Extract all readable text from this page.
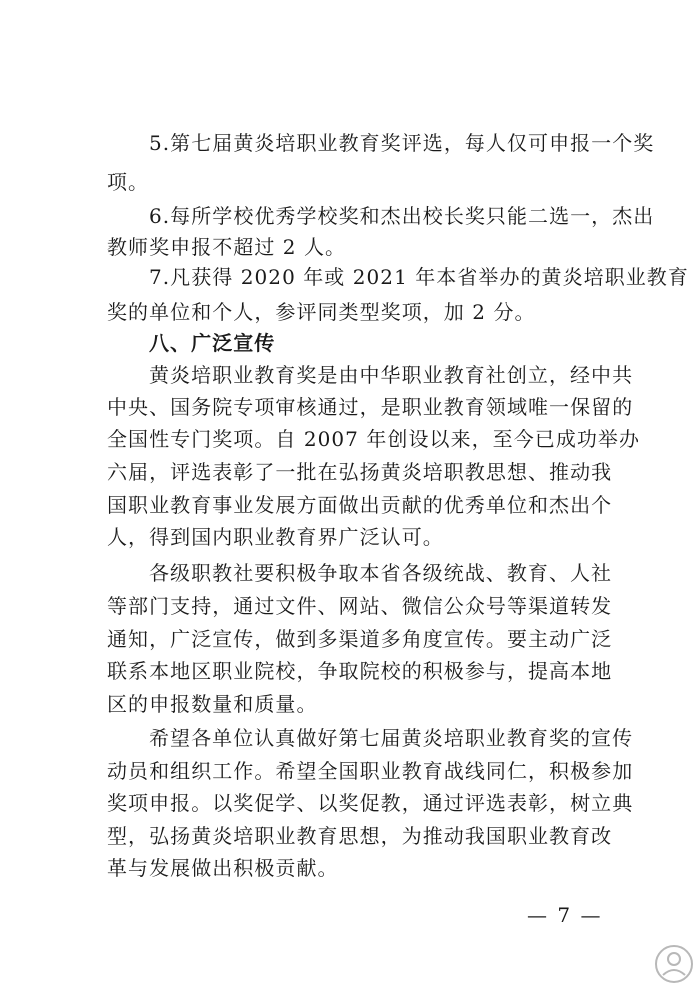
5.第七届黄炎培职业教育奖评选，每人仅可申报一个奖
项。
6.每所学校优秀学校奖和杰出校长奖只能二选一，杰出
教师奖申报不超过 2 人。
7.凡获得 2020 年或 2021 年本省举办的黄炎培职业教育
奖的单位和个人，参评同类型奖项，加 2 分。
八、广泛宣传
黄炎培职业教育奖是由中华职业教育社创立，经中共
中央、国务院专项审核通过，是职业教育领域唯一保留的
全国性专门奖项。自 2007 年创设以来，至今已成功举办
六届，评选表彰了一批在弘扬黄炎培职教思想、推动我
国职业教育事业发展方面做出贡献的优秀单位和杰出个
人，得到国内职业教育界广泛认可。
各级职教社要积极争取本省各级统战、教育、人社
等部门支持，通过文件、网站、微信公众号等渠道转发
通知，广泛宣传，做到多渠道多角度宣传。要主动广泛
联系本地区职业院校，争取院校的积极参与，提高本地
区的申报数量和质量。
希望各单位认真做好第七届黄炎培职业教育奖的宣传
动员和组织工作。希望全国职业教育战线同仁，积极参加
奖项申报。以奖促学、以奖促教，通过评选表彰，树立典
型，弘扬黄炎培职业教育思想，为推动我国职业教育改
革与发展做出积极贡献。
— 7 —
